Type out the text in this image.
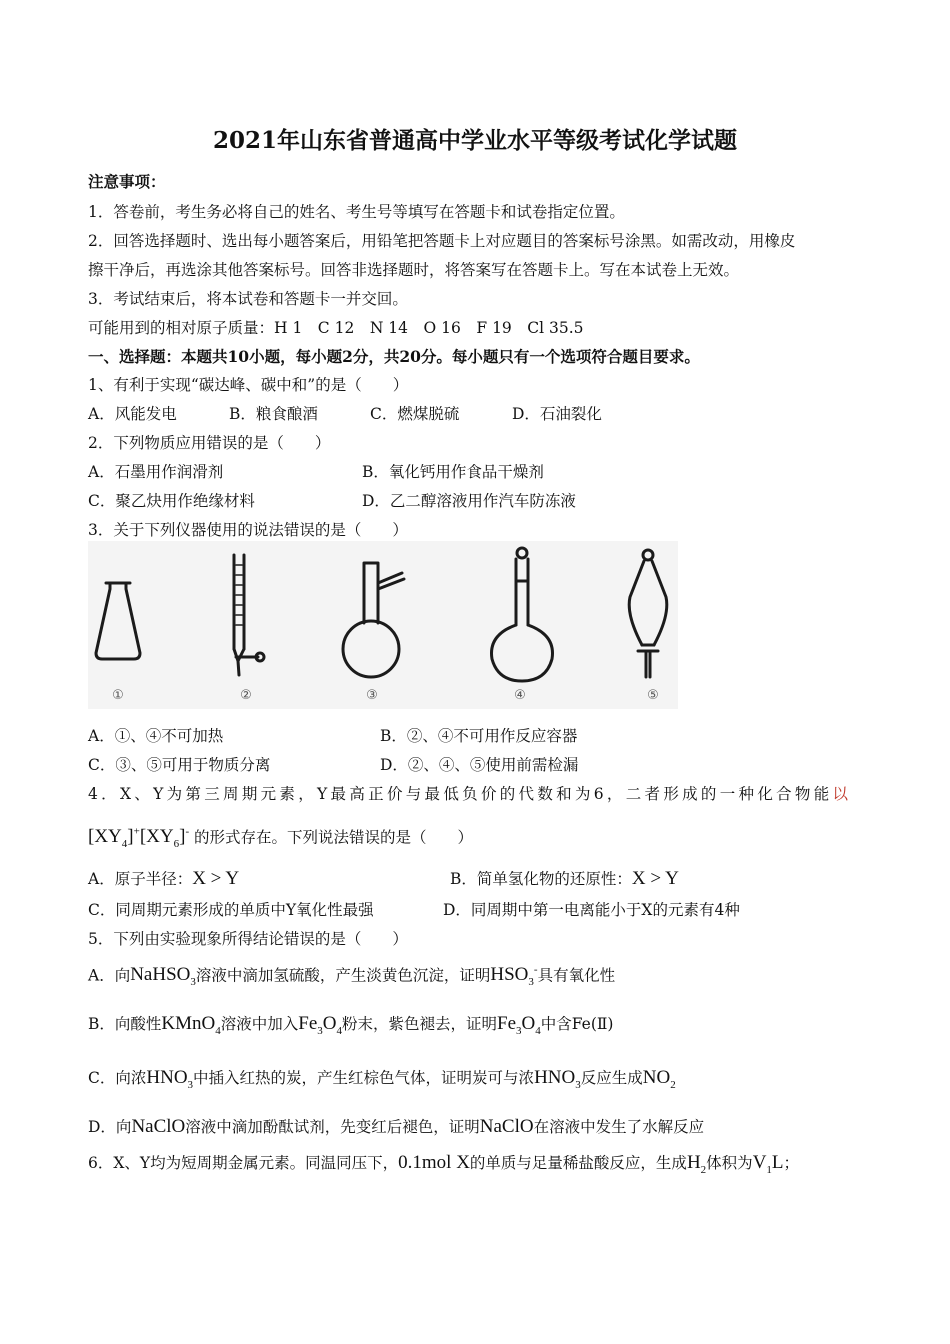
2021年山东省普通高中学业水平等级考试化学试题
注意事项：
1．答卷前，考生务必将自己的姓名、考生号等填写在答题卡和试卷指定位置。
2．回答选择题时、选出每小题答案后，用铅笔把答题卡上对应题目的答案标号涂黑。如需改动，用橡皮
擦干净后，再选涂其他答案标号。回答非选择题时，将答案写在答题卡上。写在本试卷上无效。
3．考试结束后，将本试卷和答题卡一并交回。
可能用到的相对原子质量：H 1　C 12　N 14　O 16　F 19　Cl 35.5
一、选择题：本题共10小题，每小题2分，共20分。每小题只有一个选项符合题目要求。
1、有利于实现“碳达峰、碳中和”的是（　　）
A．风能发电	B．粮食酿酒	C．燃煤脱硫	D．石油裂化
2．下列物质应用错误的是（　　）
A．石墨用作润滑剂	B．氧化钙用作食品干燥剂
C．聚乙炔用作绝缘材料	D．乙二醇溶液用作汽车防冻液
3．关于下列仪器使用的说法错误的是（　　）
①	②	③	④	⑤
A．①、④不可加热	B．②、④不可用作反应容器
C．③、⑤可用于物质分离	D．②、④、⑤使用前需检漏
4．X、Y为第三周期元素，Y最高正价与最低负价的代数和为6，二者形成的一种化合物能以
$[XY_4]^+[XY_6]^-$ 的形式存在。下列说法错误的是（　　）
A．原子半径：X > Y	B．简单氢化物的还原性：X > Y
C．同周期元素形成的单质中Y氧化性最强	D．同周期中第一电离能小于X的元素有4种
5．下列由实验现象所得结论错误的是（　　）
A．向NaHSO$_3$溶液中滴加氢硫酸，产生淡黄色沉淀，证明$HSO_3^-$具有氧化性
B．向酸性KMnO$_4$溶液中加入$Fe_3O_4$粉末，紫色褪去，证明$Fe_3O_4$中含Fe(Ⅱ)
C．向浓$HNO_3$中插入红热的炭，产生红棕色气体，证明炭可与浓$HNO_3$反应生成$NO_2$
D．向NaClO溶液中滴加酚酞试剂，先变红后褪色，证明NaClO在溶液中发生了水解反应
6．X、Y均为短周期金属元素。同温同压下，0.1mol X的单质与足量稀盐酸反应，生成$H_2$体积为$V_1L$；
